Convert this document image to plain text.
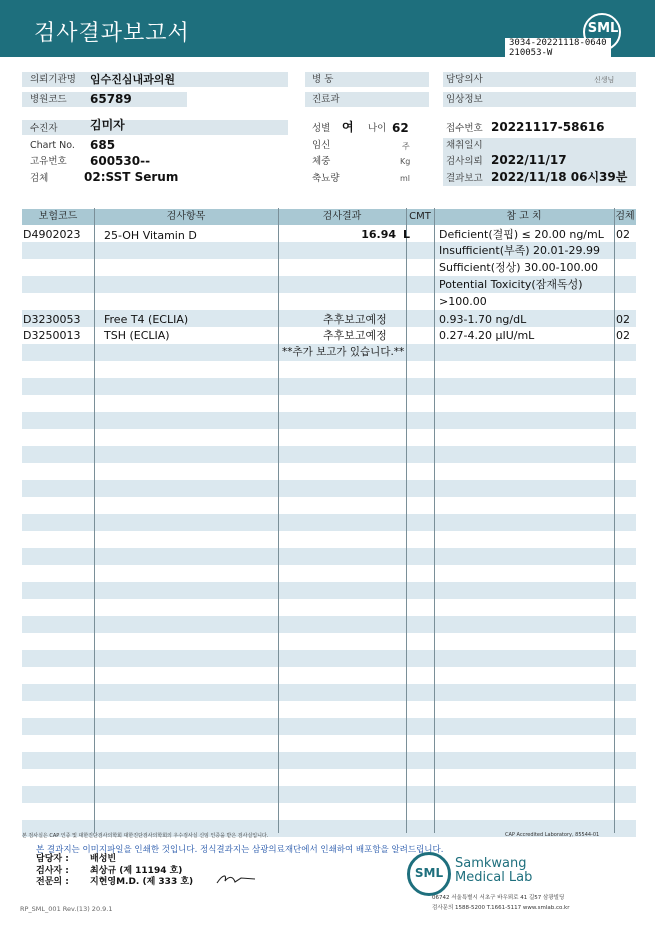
검사결과보고서	SML
3034-20221118-0640
210053-W
의뢰기관명 임수진심내과의원
병원코드 65789
수진자	김미자
Chart No. 685
고유번호 600530--
검체	02:SST Serum
병 동
진료과
성별 여 나이 62
임신	주
체중	Kg
축뇨량	ml
담당의사	신생님
임상정보
접수번호 20221117-58616
채취일시
검사의뢰 2022/11/17
결과보고 2022/11/18 06시39분
보험코드	검사항목	검사결과	CMT	참 고 치	검체
D4902023 25-OH Vitamin D	16.94 L	Deficient(결핍) ≤ 20.00 ng/mL 02
Insufficient(부족) 20.01-29.99
Sufficient(정상) 30.00-100.00
Potential Toxicity(잠재독성)
>100.00
D3230053 Free T4 (ECLIA)	추후보고예정	0.93-1.70 ng/dL	02
D3250013 TSH (ECLIA)	추후보고예정	0.27-4.20 µIU/mL	02
**추가 보고가 있습니다.**
본 검사실은 CAP 인증 및 대한진단검사의학회 대한진단검사의학회의 우수검사실 신임 인증을 받은 검사실입니다.	CAP Accredited Laboratory, 85544-01
본 결과지는 이미지파일을 인쇄한 것입니다. 정식결과지는 삼광의료재단에서 인쇄하여 배포함을 알려드립니다.
담당자 : 배성빈
검사자 : 최상규 (제 11194 호)
전문의 : 지현영M.D. (제 333 호)
RP_SML_001 Rev.(13) 20.9.1
SML
Samkwang
Medical Lab
06742 서울특별시 서초구 바우뫼로 41 길57 삼광빌딩
검사문의 1588-5200 T.1661-5117 www.smlab.co.kr
